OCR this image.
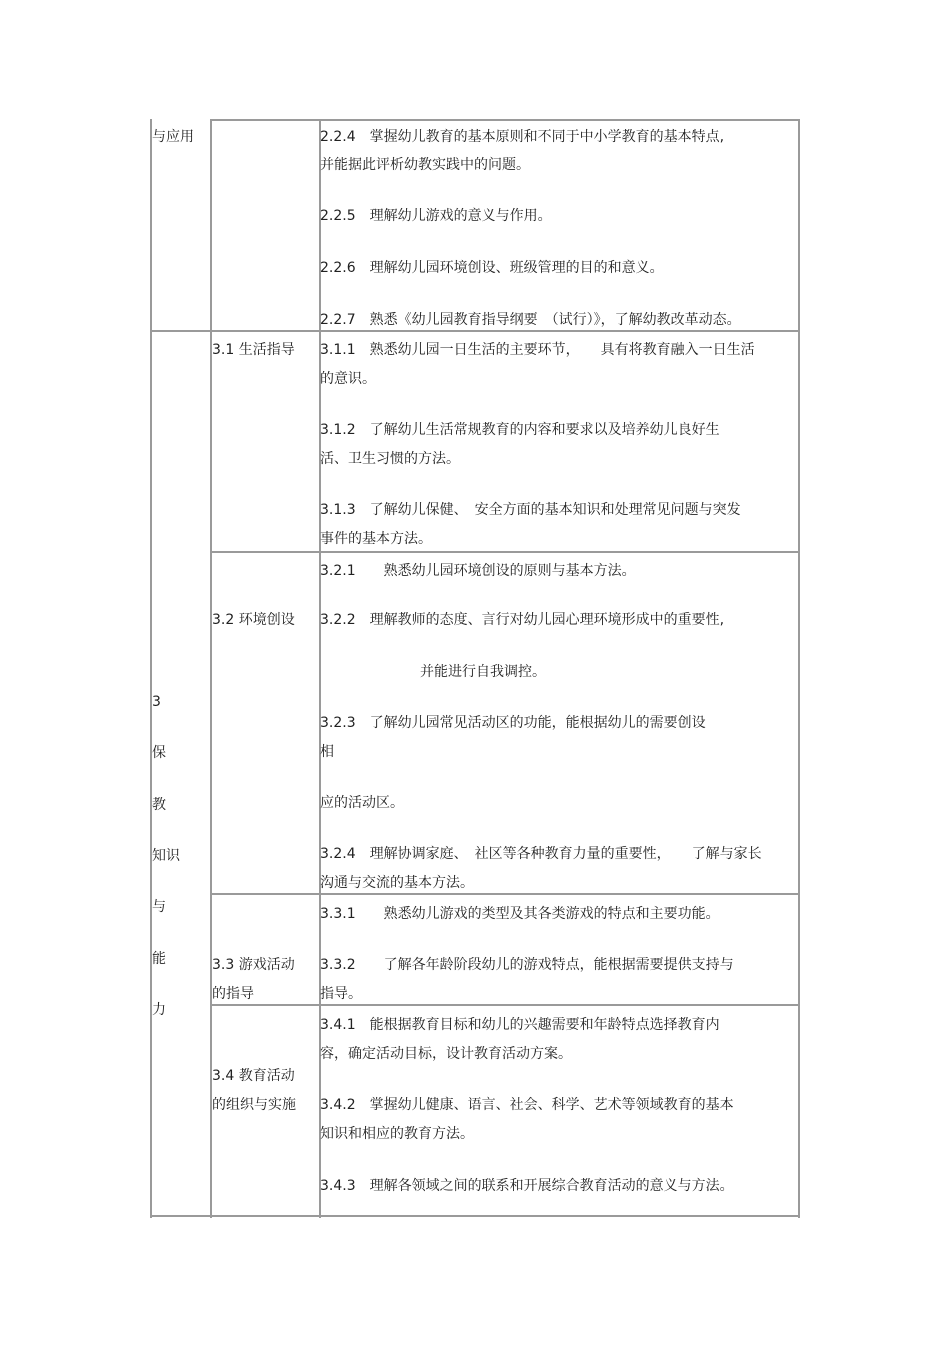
与应用
3
保
教
知识
与
能
力
3.1 生活指导
3.2 环境创设
3.3 游戏活动
的指导
3.4 教育活动
的组织与实施
2.2.4　掌握幼儿教育的基本原则和不同于中小学教育的基本特点,
并能据此评析幼教实践中的问题。
2.2.5　理解幼儿游戏的意义与作用。
2.2.6　理解幼儿园环境创设、班级管理的目的和意义。
2.2.7　熟悉《幼儿园教育指导纲要　（试行）》，了解幼教改革动态。
3.1.1　熟悉幼儿园一日生活的主要环节，　　具有将教育融入一日生活
的意识。
3.1.2　了解幼儿生活常规教育的内容和要求以及培养幼儿良好生
活、卫生习惯的方法。
3.1.3　了解幼儿保健、　安全方面的基本知识和处理常见问题与突发
事件的基本方法。
3.2.1　　熟悉幼儿园环境创设的原则与基本方法。
3.2.2　理解教师的态度、言行对幼儿园心理环境形成中的重要性,
并能进行自我调控。
3.2.3　了解幼儿园常见活动区的功能，能根据幼儿的需要创设
相
应的活动区。
3.2.4　理解协调家庭、　社区等各种教育力量的重要性，　　了解与家长
沟通与交流的基本方法。
3.3.1　　熟悉幼儿游戏的类型及其各类游戏的特点和主要功能。
3.3.2　　了解各年龄阶段幼儿的游戏特点，能根据需要提供支持与
指导。
3.4.1　能根据教育目标和幼儿的兴趣需要和年龄特点选择教育内
容，确定活动目标，设计教育活动方案。
3.4.2　掌握幼儿健康、语言、社会、科学、艺术等领域教育的基本
知识和相应的教育方法。
3.4.3　理解各领域之间的联系和开展综合教育活动的意义与方法。
